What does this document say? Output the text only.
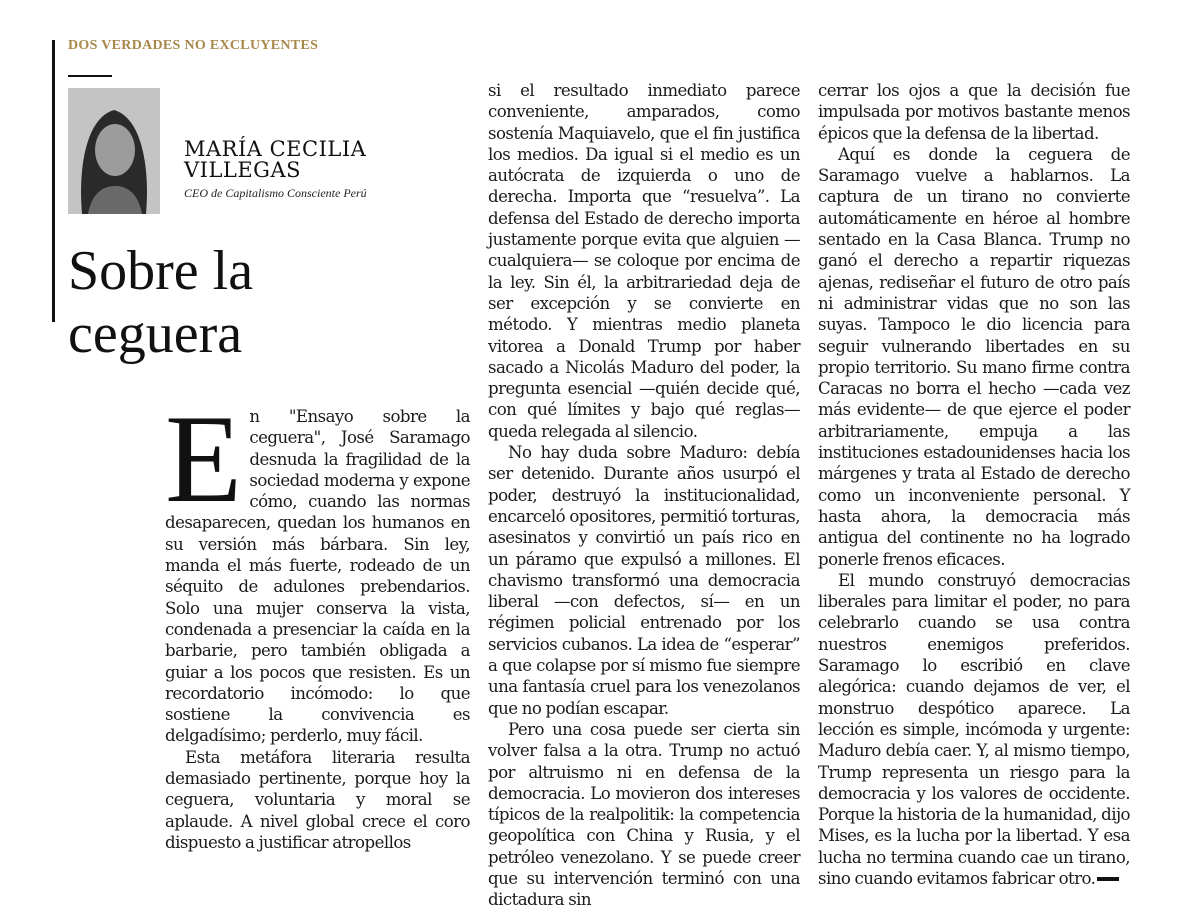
DOS VERDADES NO EXCLUYENTES
MARÍA CECILIA
VILLEGAS
CEO de Capitalismo Consciente Perú
Sobre la ceguera

En "Ensayo sobre la ceguera", José Saramago desnuda la fragilidad de la sociedad moderna y expone cómo, cuando las normas desaparecen, quedan los humanos en su versión más bárbara. Sin ley, manda el más fuerte, rodeado de un séquito de adulones prebendarios. Solo una mujer conserva la vista, condenada a presenciar la caída en la barbarie, pero también obligada a guiar a los pocos que resisten. Es un recordatorio incómodo: lo que sostiene la convivencia es delgadísimo; perderlo, muy fácil.

Esta metáfora literaria resulta demasiado pertinente, porque hoy la ceguera, voluntaria y moral se aplaude. A nivel global crece el coro dispuesto a justificar atropellos

si el resultado inmediato parece conveniente, amparados, como sostenía Maquiavelo, que el fin justifica los medios. Da igual si el medio es un autócrata de izquierda o uno de derecha. Importa que “resuelva”. La defensa del Estado de derecho importa justamente porque evita que alguien —cualquiera— se coloque por encima de la ley. Sin él, la arbitrariedad deja de ser excepción y se convierte en método. Y mientras medio planeta vitorea a Donald Trump por haber sacado a Nicolás Maduro del poder, la pregunta esencial —quién decide qué, con qué límites y bajo qué reglas— queda relegada al silencio.

No hay duda sobre Maduro: debía ser detenido. Durante años usurpó el poder, destruyó la institucionalidad, encarceló opositores, permitió torturas, asesinatos y convirtió un país rico en un páramo que expulsó a millones. El chavismo transformó una democracia liberal —con defectos, sí— en un régimen policial entrenado por los servicios cubanos. La idea de “esperar” a que colapse por sí mismo fue siempre una fantasía cruel para los venezolanos que no podían escapar.

Pero una cosa puede ser cierta sin volver falsa a la otra. Trump no actuó por altruismo ni en defensa de la democracia. Lo movieron dos intereses típicos de la realpolitik: la competencia geopolítica con China y Rusia, y el petróleo venezolano. Y se puede creer que su intervención terminó con una dictadura sin

cerrar los ojos a que la decisión fue impulsada por motivos bastante menos épicos que la defensa de la libertad.

Aquí es donde la ceguera de Saramago vuelve a hablarnos. La captura de un tirano no convierte automáticamente en héroe al hombre sentado en la Casa Blanca. Trump no ganó el derecho a repartir riquezas ajenas, rediseñar el futuro de otro país ni administrar vidas que no son las suyas. Tampoco le dio licencia para seguir vulnerando libertades en su propio territorio. Su mano firme contra Caracas no borra el hecho —cada vez más evidente— de que ejerce el poder arbitrariamente, empuja a las instituciones estadounidenses hacia los márgenes y trata al Estado de derecho como un inconveniente personal. Y hasta ahora, la democracia más antigua del continente no ha logrado ponerle frenos eficaces.

El mundo construyó democracias liberales para limitar el poder, no para celebrarlo cuando se usa contra nuestros enemigos preferidos. Saramago lo escribió en clave alegórica: cuando dejamos de ver, el monstruo despótico aparece. La lección es simple, incómoda y urgente: Maduro debía caer. Y, al mismo tiempo, Trump representa un riesgo para la democracia y los valores de occidente. Porque la historia de la humanidad, dijo Mises, es la lucha por la libertad. Y esa lucha no termina cuando cae un tirano, sino cuando evitamos fabricar otro.
